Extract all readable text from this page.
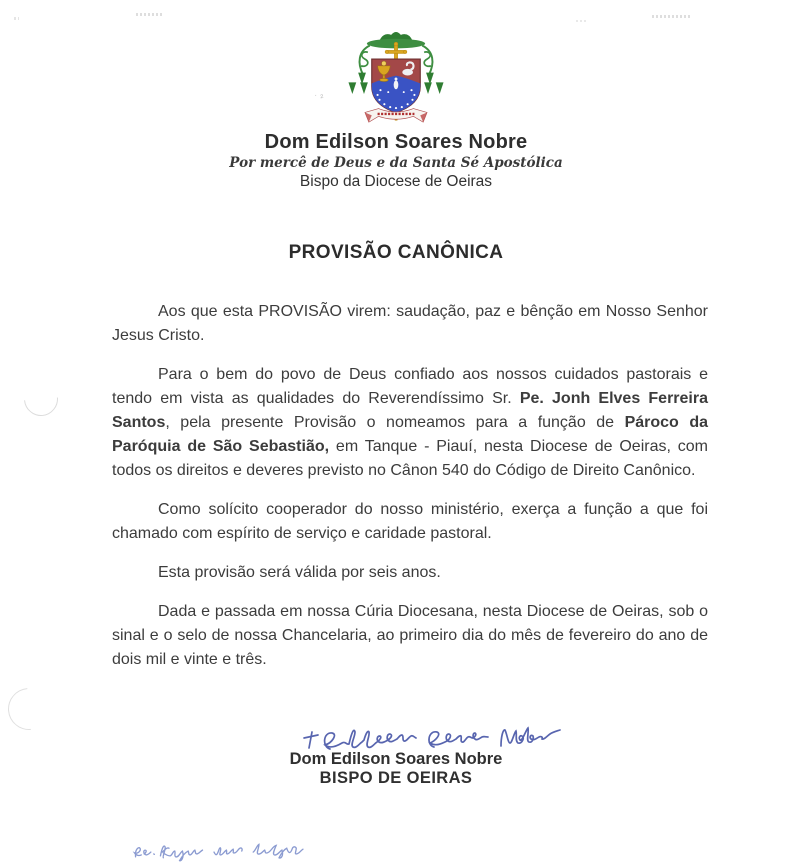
˙ ²
Dom Edilson Soares Nobre
Por mercê de Deus e da Santa Sé Apostólica
Bispo da Diocese de Oeiras
PROVISÃO CANÔNICA

Aos que esta PROVISÃO virem: saudação, paz e bênção em Nosso Senhor Jesus Cristo.

Para o bem do povo de Deus confiado aos nossos cuidados pastorais e tendo em vista as qualidades do Reverendíssimo Sr. Pe. Jonh Elves Ferreira Santos, pela presente Provisão o nomeamos para a função de Pároco da Paróquia de São Sebastião, em Tanque - Piauí, nesta Diocese de Oeiras, com todos os direitos e deveres previsto no Cânon 540 do Código de Direito Canônico.

Como solícito cooperador do nosso ministério, exerça a função a que foi chamado com espírito de serviço e caridade pastoral.

Esta provisão será válida por seis anos.

Dada e passada em nossa Cúria Diocesana, nesta Diocese de Oeiras, sob o sinal e o selo de nossa Chancelaria, ao primeiro dia do mês de fevereiro do ano de dois mil e vinte e três.

Dom Edilson Soares Nobre
BISPO DE OEIRAS
